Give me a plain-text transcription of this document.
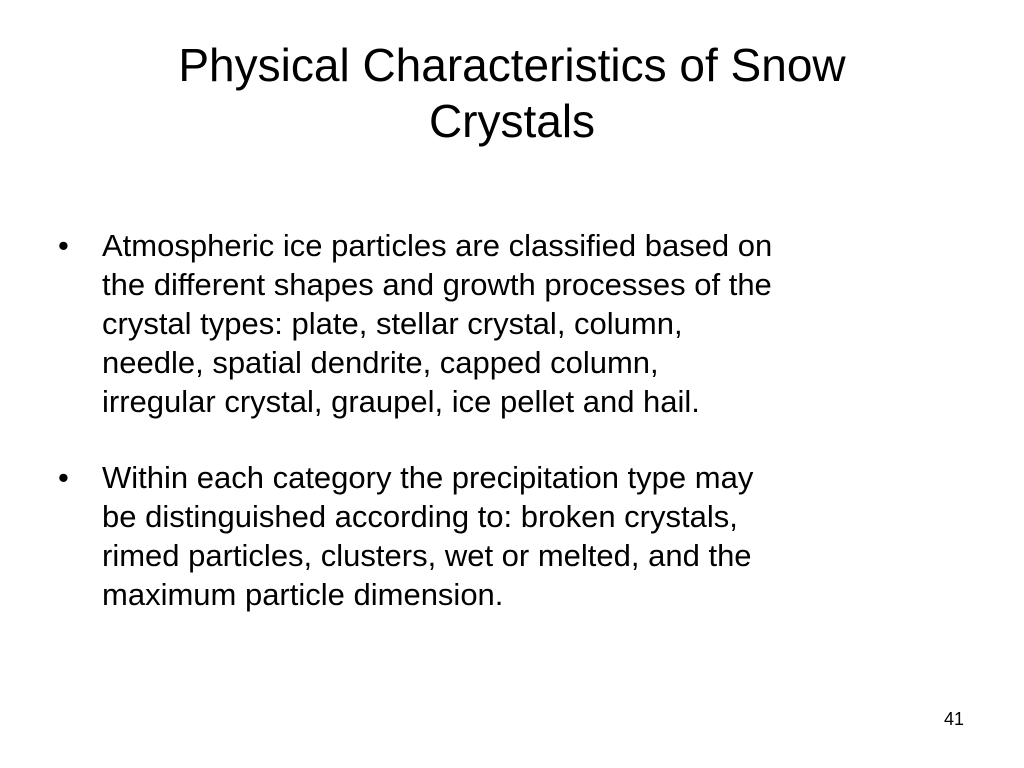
Physical Characteristics of Snow
Crystals
• Atmospheric ice particles are classified based on
the different shapes and growth processes of the
crystal types: plate, stellar crystal, column,
needle, spatial dendrite, capped column,
irregular crystal, graupel, ice pellet and hail.
• Within each category the precipitation type may
be distinguished according to: broken crystals,
rimed particles, clusters, wet or melted, and the
maximum particle dimension.
41
